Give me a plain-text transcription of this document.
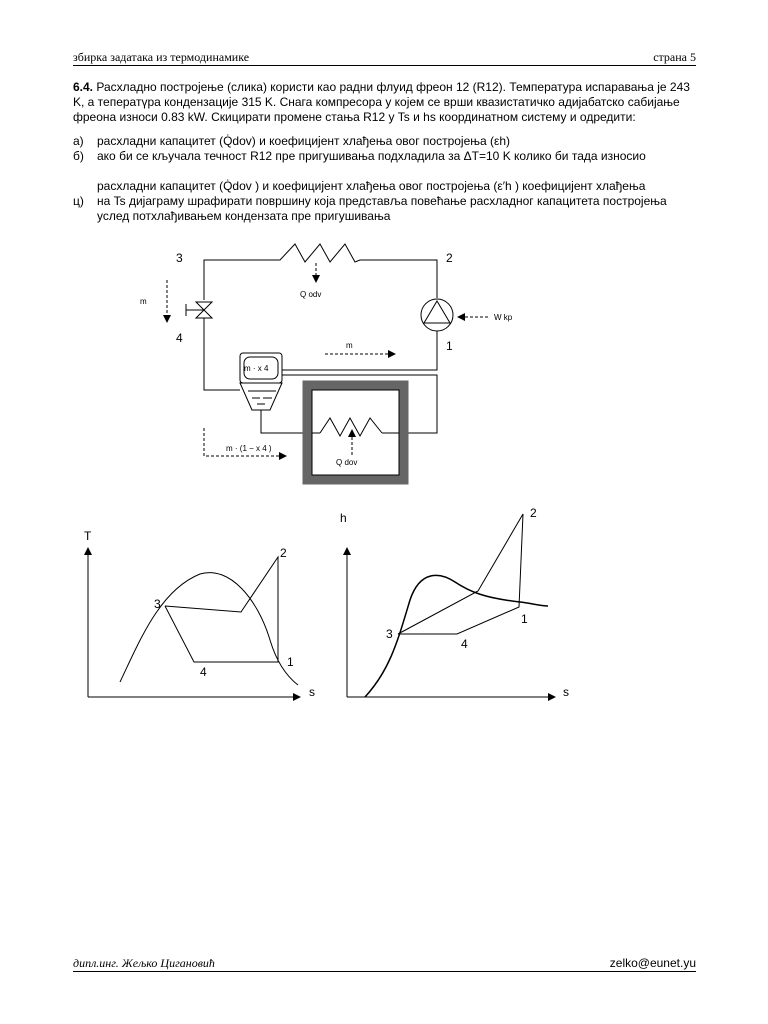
збирка задатака из термодинамике	страна 5

6.4. Расхладно постројење (слика) користи као радни флуид фреон 12 (R12). Температура испаравања је 243 K, а теператүра кондензације 315 K. Снага компресора у којем се врши квазистатичко адијабатско сабијање фреона износи 0.83 kW. Скицирати промене стања R12 у Ts и hs координатном систему и одредити:

а)	расхладни капацитет (Q̇dov) и коефицијент хлађења овог постројења (εh)
б)	ако би се кључала течност R12 пре пригушивања подхладила за ΔT=10 K колико би тада износио
расхладни капацитет (Q̇dov ) и коефицијент хлађења овог постројења (ε′h ) коефицијент хлађења
ц)	на Ts дијаграму шрафирати површину која представља повећање расхладног капацитета постројења услед потхлађивањем кондензата пре пригушивања
3	2
4
1
Q odv
m
W kp
m
m · x 4
m · (1 − x 4 )
Q dov
T
s
3
2
4
1
h
s
2
1
3
4
дипл.инг. Жељко Цигановић	zelko@eunet.yu
